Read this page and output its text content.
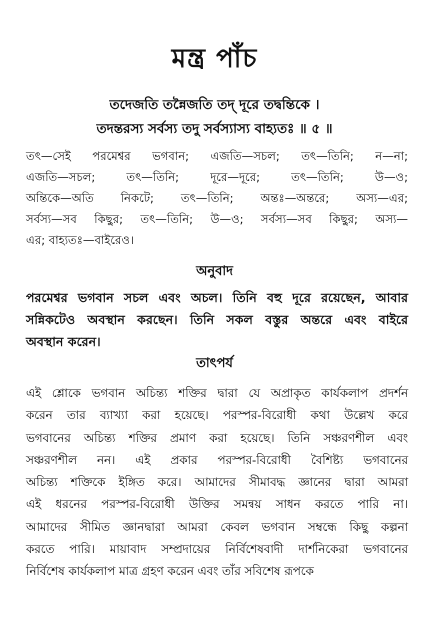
মন্ত্র পাঁচ
তদেজতি তন্নৈজতি তদ্‌ দূরে তদ্বন্তিকে ।
তদন্তরস্য সর্বস্য তদু সর্বস্যাস্য বাহ্যতঃ ॥ ৫ ॥
তৎ—সেই পরমেশ্বর ভগবান; এজতি—সচল; তৎ—তিনি; ন—না;
এজতি—সচল; তৎ—তিনি; দূরে—দূরে; তৎ—তিনি; উ—ও;
অন্তিকে—অতি নিকটে; তৎ—তিনি; অন্তঃ—অন্তরে; অস্য—এর;
সর্বস্য—সব কিছুর; তৎ—তিনি; উ—ও; সর্বস্য—সব কিছুর; অস্য—
এর; বাহ্যতঃ—বাইরেও।
অনুবাদ
পরমেশ্বর ভগবান সচল এবং অচল। তিনি বহু দূরে রয়েছেন, আবার
সন্নিকটেও অবস্থান করছেন। তিনি সকল বস্তুর অন্তরে এবং বাইরে
অবস্থান করেন।
তাৎপর্য
এই শ্লোকে ভগবান অচিন্ত্য শক্তির দ্বারা যে অপ্রাকৃত কার্যকলাপ প্রদর্শন
করেন তার ব্যাখ্যা করা হয়েছে। পরস্পর-বিরোধী কথা উল্লেখ করে
ভগবানের অচিন্ত্য শক্তির প্রমাণ করা হয়েছে। তিনি সঞ্চরণশীল এবং
সঞ্চরণশীল নন। এই প্রকার পরস্পর-বিরোধী বৈশিষ্ট্য ভগবানের
অচিন্ত্য শক্তিকে ইঙ্গিত করে। আমাদের সীমাবদ্ধ জ্ঞানের দ্বারা আমরা
এই ধরনের পরস্পর-বিরোধী উক্তির সমন্বয় সাধন করতে পারি না।
আমাদের সীমিত জ্ঞানদ্বারা আমরা কেবল ভগবান সম্বন্ধে কিছু কল্পনা
করতে পারি। মায়াবাদ সম্প্রদায়ের নির্বিশেষবাদী দার্শনিকেরা ভগবানের
নির্বিশেষ কার্যকলাপ মাত্র গ্রহণ করেন এবং তাঁর সবিশেষ রূপকে
